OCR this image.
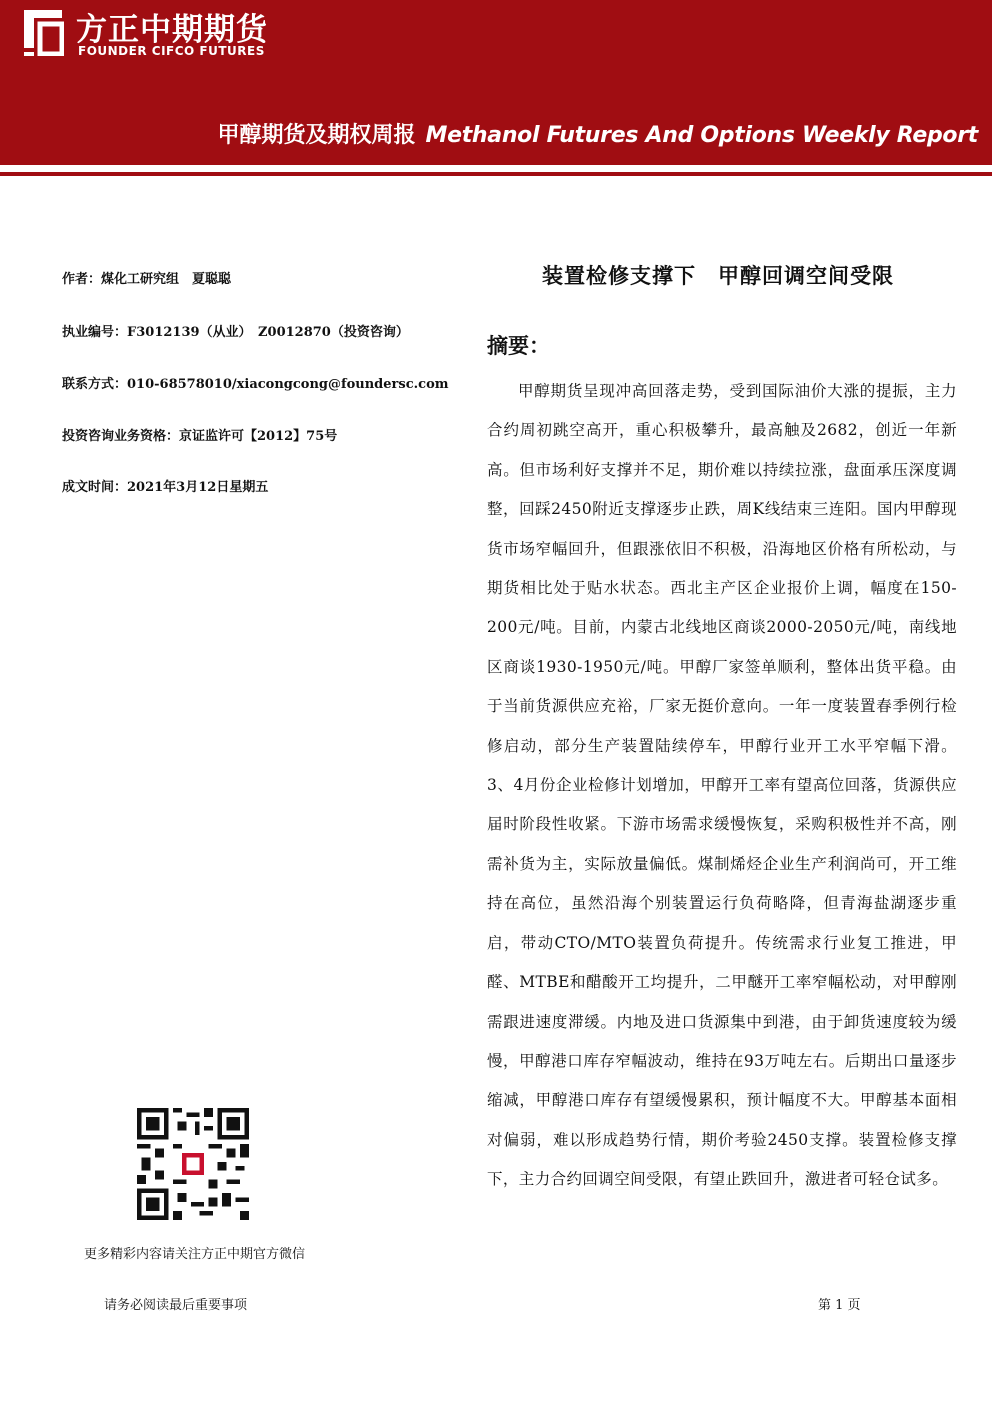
方正中期期货
FOUNDER CIFCO FUTURES
甲醇期货及期权周报 Methanol Futures And Options Weekly Report
作者：煤化工研究组　夏聪聪
执业编号：F3012139（从业）　Z0012870（投资咨询）
联系方式：010-68578010/xiacongcong@foundersc.com
投资咨询业务资格：京证监许可【2012】75号
成文时间：2021年3月12日星期五
装置检修支撑下　甲醇回调空间受限
摘要：
甲醇期货呈现冲高回落走势，受到国际油价大涨的提振，主力合约周初跳空高开，重心积极攀升，最高触及2682，创近一年新高。但市场利好支撑并不足，期价难以持续拉涨，盘面承压深度调整，回踩2450附近支撑逐步止跌，周K线结束三连阳。国内甲醇现货市场窄幅回升，但跟涨依旧不积极，沿海地区价格有所松动，与期货相比处于贴水状态。西北主产区企业报价上调，幅度在150-200元/吨。目前，内蒙古北线地区商谈2000-2050元/吨，南线地区商谈1930-1950元/吨。甲醇厂家签单顺利，整体出货平稳。由于当前货源供应充裕，厂家无挺价意向。一年一度装置春季例行检修启动，部分生产装置陆续停车，甲醇行业开工水平窄幅下滑。3、4月份企业检修计划增加，甲醇开工率有望高位回落，货源供应届时阶段性收紧。下游市场需求缓慢恢复，采购积极性并不高，刚需补货为主，实际放量偏低。煤制烯烃企业生产利润尚可，开工维持在高位，虽然沿海个别装置运行负荷略降，但青海盐湖逐步重启，带动CTO/MTO装置负荷提升。传统需求行业复工推进，甲醛、MTBE和醋酸开工均提升，二甲醚开工率窄幅松动，对甲醇刚需跟进速度滞缓。内地及进口货源集中到港，由于卸货速度较为缓慢，甲醇港口库存窄幅波动，维持在93万吨左右。后期出口量逐步缩减，甲醇港口库存有望缓慢累积，预计幅度不大。甲醇基本面相对偏弱，难以形成趋势行情，期价考验2450支撑。装置检修支撑下，主力合约回调空间受限，有望止跌回升，激进者可轻仓试多。
更多精彩内容请关注方正中期官方微信
请务必阅读最后重要事项	第 1 页
